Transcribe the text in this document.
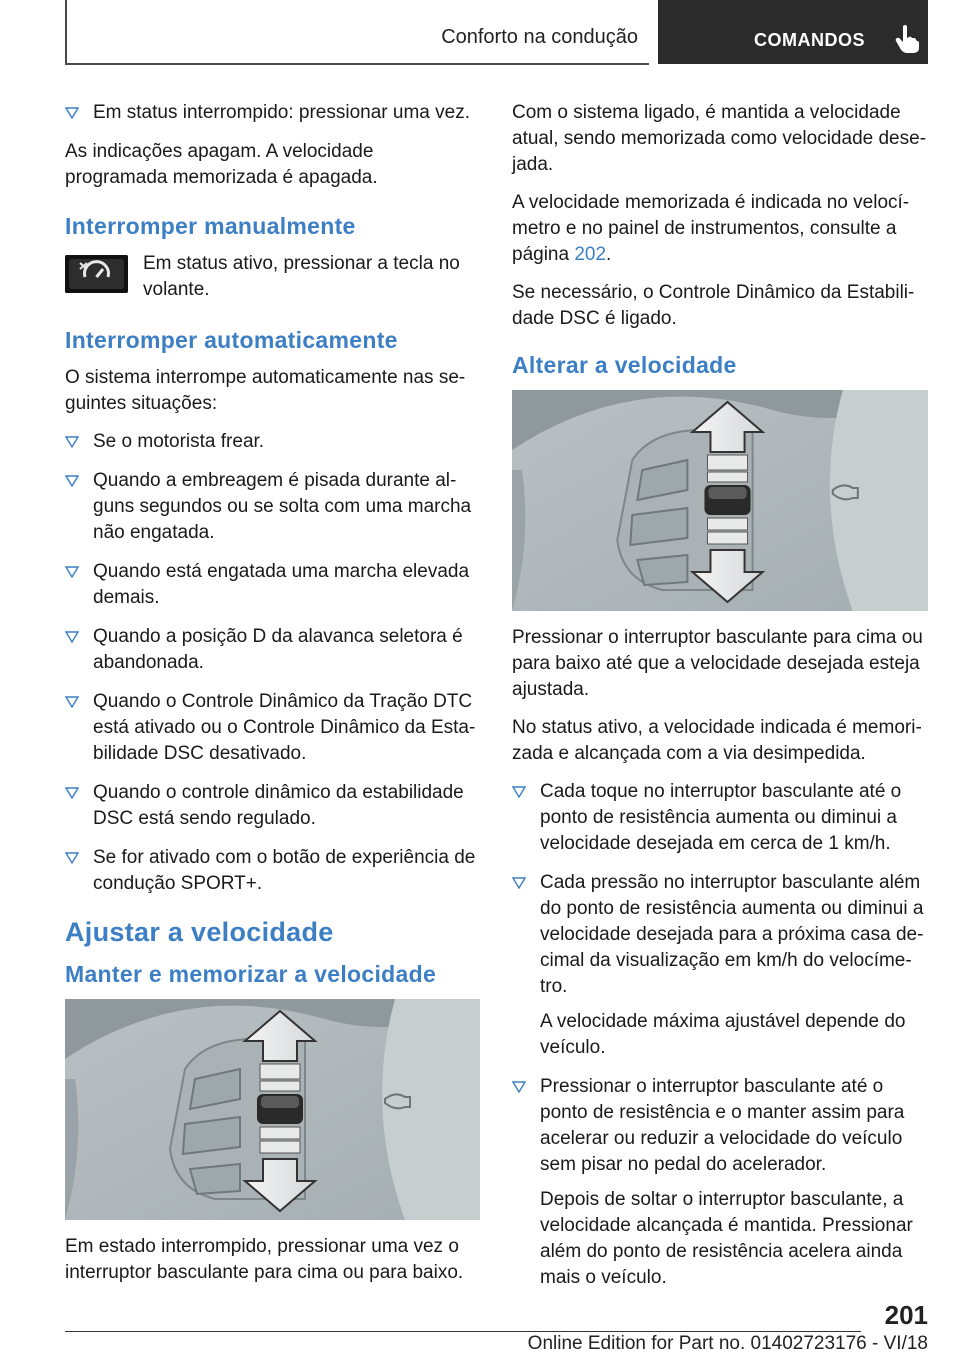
Conforto na condução	COMANDOS
Em status interrompido: pressionar uma vez.

As indicações apagam. A velocidade programada memorizada é apagada.

Interromper manualmente

Em status ativo, pressionar a tecla no volante.

Interromper automaticamente

O sistema interrompe automaticamente nas seguintes situações:

Se o motorista frear.
Quando a embreagem é pisada durante alguns segundos ou se solta com uma marcha não engatada.
Quando está engatada uma marcha elevada demais.
Quando a posição D da alavanca seletora é abandonada.
Quando o Controle Dinâmico da Tração DTC está ativado ou o Controle Dinâmico da Estabilidade DSC desativado.
Quando o controle dinâmico da estabilidade DSC está sendo regulado.
Se for ativado com o botão de experiência de condução SPORT+.
Ajustar a velocidade
Manter e memorizar a velocidade

Em estado interrompido, pressionar uma vez o interruptor basculante para cima ou para baixo.

Com o sistema ligado, é mantida a velocidade atual, sendo memorizada como velocidade desejada.

A velocidade memorizada é indicada no velocímetro e no painel de instrumentos, consulte a página 202.

Se necessário, o Controle Dinâmico da Estabilidade DSC é ligado.

Alterar a velocidade

Pressionar o interruptor basculante para cima ou para baixo até que a velocidade desejada esteja ajustada.

No status ativo, a velocidade indicada é memorizada e alcançada com a via desimpedida.

Cada toque no interruptor basculante até o ponto de resistência aumenta ou diminui a velocidade desejada em cerca de 1 km/h.
Cada pressão no interruptor basculante além do ponto de resistência aumenta ou diminui a velocidade desejada para a próxima casa decimal da visualização em km/h do velocímetro.
A velocidade máxima ajustável depende do veículo.
Pressionar o interruptor basculante até o ponto de resistência e o manter assim para acelerar ou reduzir a velocidade do veículo sem pisar no pedal do acelerador.
Depois de soltar o interruptor basculante, a velocidade alcançada é mantida. Pressionar além do ponto de resistência acelera ainda mais o veículo.
201
Online Edition for Part no. 01402723176 - VI/18
